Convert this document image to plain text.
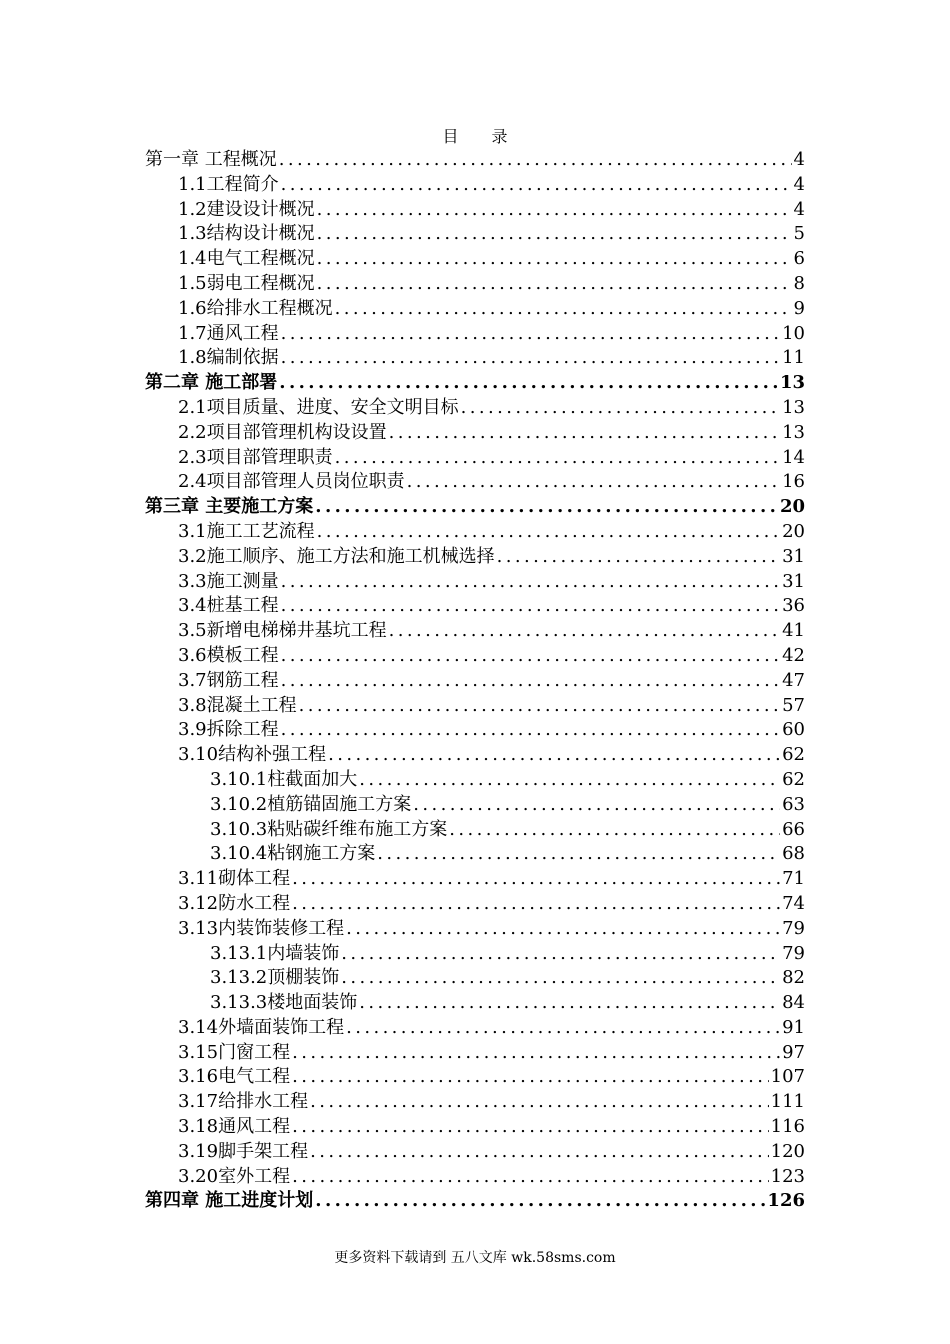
目 录
第一章 工程概况 .....	4
1.1工程简介 .....	4
1.2建设设计概况 .....	4
1.3结构设计概况 .....	5
1.4电气工程概况 .....	6
1.5弱电工程概况 .....	8
1.6给排水工程概况 .....	9
1.7通风工程 .....	10
1.8编制依据 .....	11
第二章 施工部署 .....	13
2.1项目质量、进度、安全文明目标 .....	13
2.2项目部管理机构设设置 .....	13
2.3项目部管理职责 .....	14
2.4项目部管理人员岗位职责 .....	16
第三章 主要施工方案 .....	20
3.1施工工艺流程 .....	20
3.2施工顺序、施工方法和施工机械选择 .....	31
3.3施工测量 .....	31
3.4桩基工程 .....	36
3.5新增电梯梯井基坑工程 .....	41
3.6模板工程 .....	42
3.7钢筋工程 .....	47
3.8混凝土工程 .....	57
3.9拆除工程 .....	60
3.10结构补强工程 .....	62
3.10.1柱截面加大 .....	62
3.10.2植筋锚固施工方案 .....	63
3.10.3粘贴碳纤维布施工方案 .....	66
3.10.4粘钢施工方案 .....	68
3.11砌体工程 .....	71
3.12防水工程 .....	74
3.13内装饰装修工程 .....	79
3.13.1内墙装饰 .....	79
3.13.2顶棚装饰 .....	82
3.13.3楼地面装饰 .....	84
3.14外墙面装饰工程 .....	91
3.15门窗工程 .....	97
3.16电气工程 .....	107
3.17给排水工程 .....	111
3.18通风工程 .....	116
3.19脚手架工程 .....	120
3.20室外工程 .....	123
第四章 施工进度计划 .....	126
更多资料下载请到 五八文库 wk.58sms.com
